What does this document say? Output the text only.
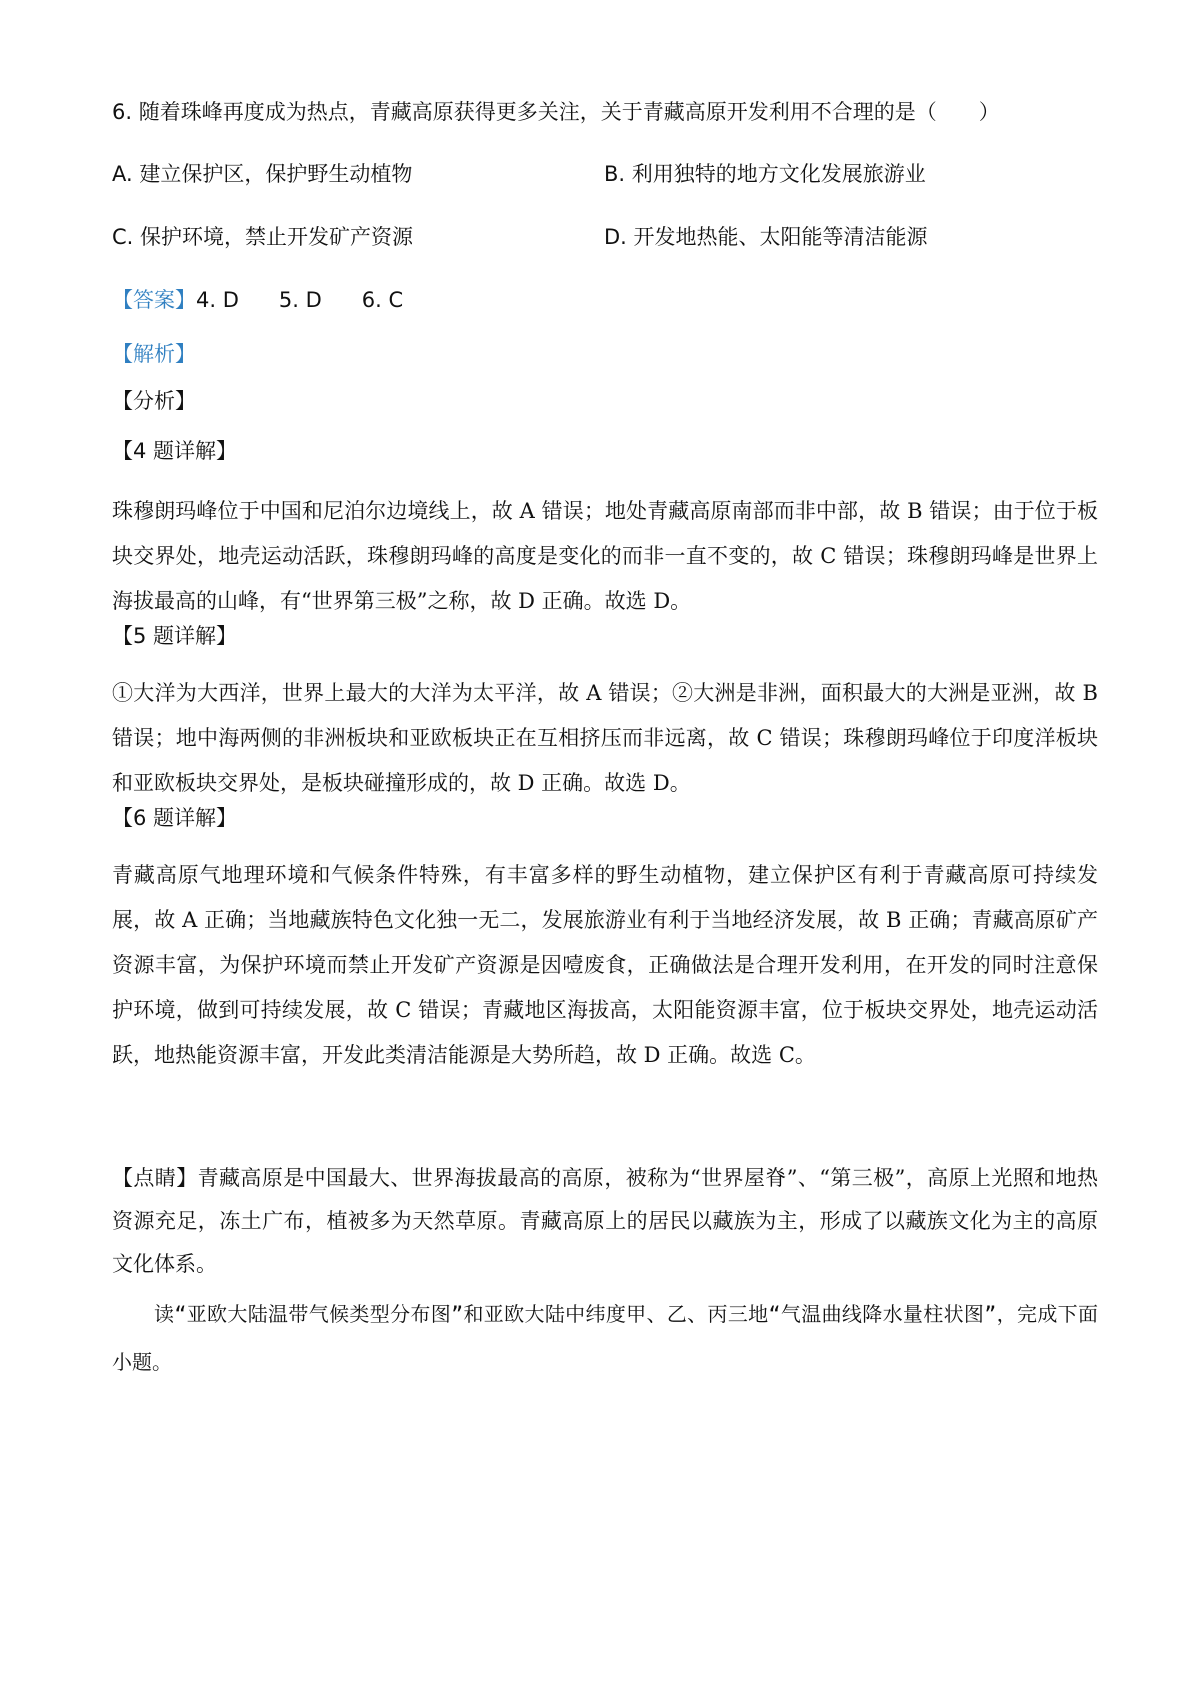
6. 随着珠峰再度成为热点，青藏高原获得更多关注，关于青藏高原开发利用不合理的是（　　）
A. 建立保护区，保护野生动植物	B. 利用独特的地方文化发展旅游业
C. 保护环境，禁止开发矿产资源	D. 开发地热能、太阳能等清洁能源
【答案】4. D 5. D 6. C
【解析】
【分析】
【4 题详解】
珠穆朗玛峰位于中国和尼泊尔边境线上，故 A 错误；地处青藏高原南部而非中部，故 B 错误；由于位于板块交界处，地壳运动活跃，珠穆朗玛峰的高度是变化的而非一直不变的，故 C 错误；珠穆朗玛峰是世界上海拔最高的山峰，有“世界第三极”之称，故 D 正确。故选 D。
【5 题详解】
①大洋为大西洋，世界上最大的大洋为太平洋，故 A 错误；②大洲是非洲，面积最大的大洲是亚洲，故 B 错误；地中海两侧的非洲板块和亚欧板块正在互相挤压而非远离，故 C 错误；珠穆朗玛峰位于印度洋板块和亚欧板块交界处，是板块碰撞形成的，故 D 正确。故选 D。
【6 题详解】
青藏高原气地理环境和气候条件特殊，有丰富多样的野生动植物，建立保护区有利于青藏高原可持续发展，故 A 正确；当地藏族特色文化独一无二，发展旅游业有利于当地经济发展，故 B 正确；青藏高原矿产资源丰富，为保护环境而禁止开发矿产资源是因噎废食，正确做法是合理开发利用，在开发的同时注意保护环境，做到可持续发展，故 C 错误；青藏地区海拔高，太阳能资源丰富，位于板块交界处，地壳运动活跃，地热能资源丰富，开发此类清洁能源是大势所趋，故 D 正确。故选 C。
【点睛】青藏高原是中国最大、世界海拔最高的高原，被称为“世界屋脊”、“第三极”，高原上光照和地热资源充足，冻土广布，植被多为天然草原。青藏高原上的居民以藏族为主，形成了以藏族文化为主的高原文化体系。
读“亚欧大陆温带气候类型分布图”和亚欧大陆中纬度甲、乙、丙三地“气温曲线降水量柱状图”，完成下面小题。
